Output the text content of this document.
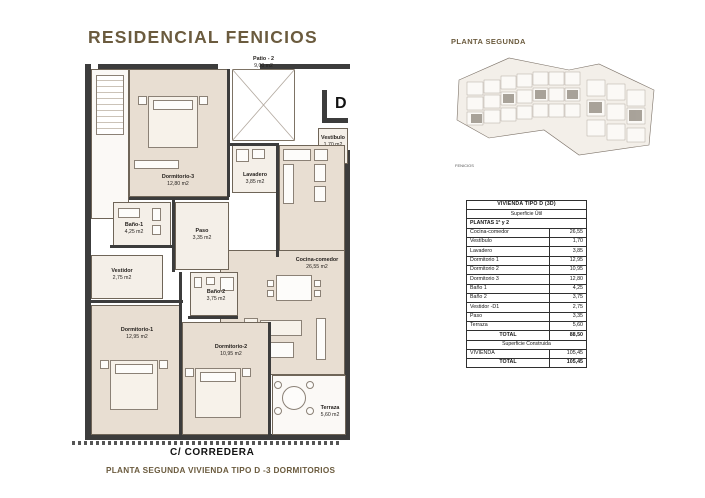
RESIDENCIAL FENICIOS
Dormitorio-3
12,80 m2
Patio - 2
9,00 m2
D
Vestíbulo
Lavadero
3,85 m2
Cocina-comedor
26,55 m2
Baño-1
4,25 m2	Paso
3,35 m2
Vestidor
2,75 m2
Baño-2
3,75 m2
Dormitorio-1
12,95 m2
Dormitorio-2
10,95 m2
Terraza
5,60 m2
C/ CORREDERA
PLANTA SEGUNDA VIVIENDA TIPO D -3 DORMITORIOS
PLANTA SEGUNDA
FENICIOS
VIVIENDA TIPO D (3D)	
Superficie Útil	
PLANTAS 1ª y 2	
Cocina-comedor	26,55
Vestíbulo	1,70
Lavadero	3,85
Dormitorio 1	12,95
Dormitorio 2	10,95
Dormitorio 3	12,80
Baño 1	4,25
Baño 2	3,75
Vestidor -D1	2,75
Paso	3,35
Terraza	5,60
TOTAL	88,50
Superficie Construida	
VIVIENDA	105,45
TOTAL	105,45
